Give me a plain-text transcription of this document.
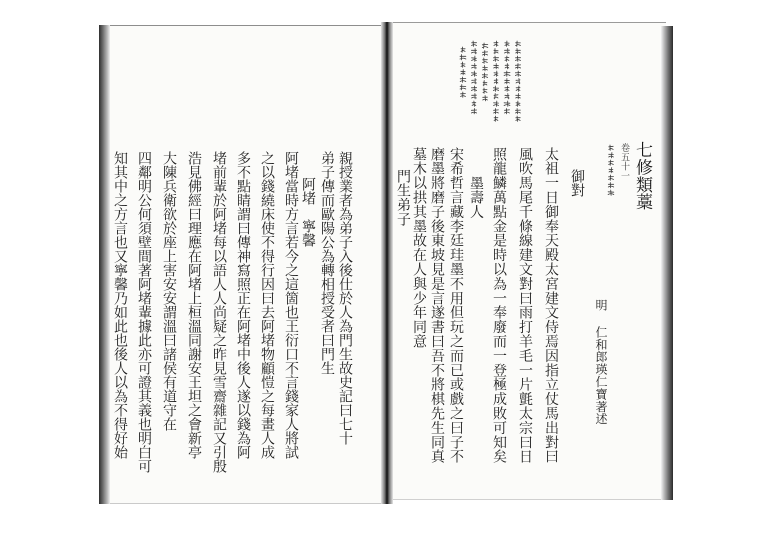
親授業者為弟子入後仕於人為門生故史記曰七十
弟子傳而歐陽公為轉相授受者曰門生
阿堵　寧馨
阿堵當時方言若今之這箇也王衍口不言錢家人將試
之以錢繞床使不得行因曰去阿堵物顧愷之每畫人成
多不點睛謂曰傳神寫照正在阿堵中後人遂以錢為阿
堵前輩於阿堵每以語人人尚疑之昨見雪齋雜記又引殷
浩見佛經曰理應在阿堵上桓溫同謝安王坦之會新亭
大陳兵衛欲於座上害安安謂溫曰諸侯有道守在
四鄰明公何須壁間著阿堵輩據此亦可證其義也明白可
知其中之方言也又寧馨乃如此也後人以為不得好始	七修類藁
卷五十一
明 仁和郎瑛仁寶著述
御對
太祖一日御奉天殿太宮建文侍焉因指立仗馬出對曰
風吹馬尾千條線建文對曰雨打羊毛一片氈太宗曰日
照龍鱗萬點金是時以為一奉廢而一登極成敗可知矣
墨壽人
宋希哲言藏李廷珪墨不用但玩之而已或戲之曰子不
磨墨將磨子後東坡見是言遂書曰吾不將棋先生同真
墓木以拱其墨故在人與少年同意
門生弟子
